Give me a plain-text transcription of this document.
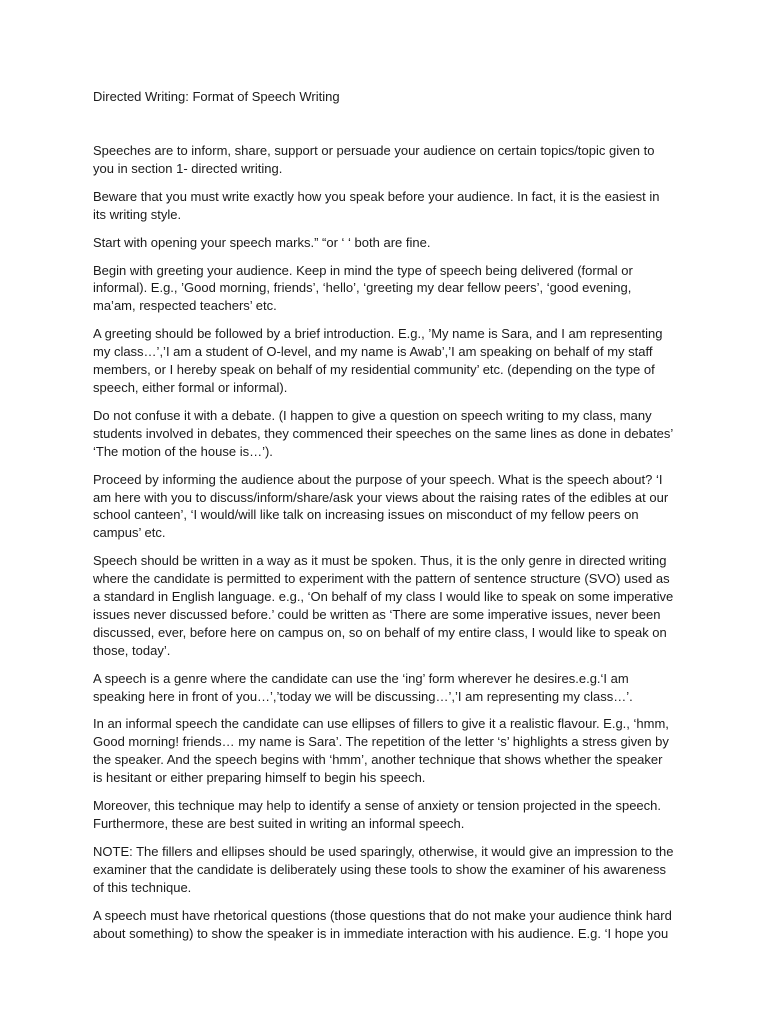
Directed Writing: Format of Speech Writing

Speeches are to inform, share, support or persuade your audience on certain topics/topic given to
you in section 1- directed writing.

Beware that you must write exactly how you speak before your audience. In fact, it is the easiest in
its writing style.

Start with opening your speech marks.” “or ‘ ‘ both are fine.

Begin with greeting your audience. Keep in mind the type of speech being delivered (formal or
informal). E.g., ’Good morning, friends’, ‘hello’, ‘greeting my dear fellow peers’, ‘good evening,
ma’am, respected teachers’ etc.

A greeting should be followed by a brief introduction. E.g., ’My name is Sara, and I am representing
my class…’,’I am a student of O-level, and my name is Awab’,’I am speaking on behalf of my staff
members, or I hereby speak on behalf of my residential community’ etc. (depending on the type of
speech, either formal or informal).

Do not confuse it with a debate. (I happen to give a question on speech writing to my class, many
students involved in debates, they commenced their speeches on the same lines as done in debates’
‘The motion of the house is…’).

Proceed by informing the audience about the purpose of your speech. What is the speech about? ‘I
am here with you to discuss/inform/share/ask your views about the raising rates of the edibles at our
school canteen’, ‘I would/will like talk on increasing issues on misconduct of my fellow peers on
campus’ etc.

Speech should be written in a way as it must be spoken. Thus, it is the only genre in directed writing
where the candidate is permitted to experiment with the pattern of sentence structure (SVO) used as
a standard in English language. e.g., ‘On behalf of my class I would like to speak on some imperative
issues never discussed before.’ could be written as ‘There are some imperative issues, never been
discussed, ever, before here on campus on, so on behalf of my entire class, I would like to speak on
those, today’.

A speech is a genre where the candidate can use the ‘ing’ form wherever he desires.e.g.‘I am
speaking here in front of you…’,’today we will be discussing…’,’I am representing my class…’.

In an informal speech the candidate can use ellipses of fillers to give it a realistic flavour. E.g., ‘hmm,
Good morning! friends… my name is Sara’. The repetition of the letter ‘s’ highlights a stress given by
the speaker. And the speech begins with ‘hmm’, another technique that shows whether the speaker
is hesitant or either preparing himself to begin his speech.

Moreover, this technique may help to identify a sense of anxiety or tension projected in the speech.
Furthermore, these are best suited in writing an informal speech.

NOTE: The fillers and ellipses should be used sparingly, otherwise, it would give an impression to the
examiner that the candidate is deliberately using these tools to show the examiner of his awareness
of this technique.

A speech must have rhetorical questions (those questions that do not make your audience think hard
about something) to show the speaker is in immediate interaction with his audience. E.g. ‘I hope you
